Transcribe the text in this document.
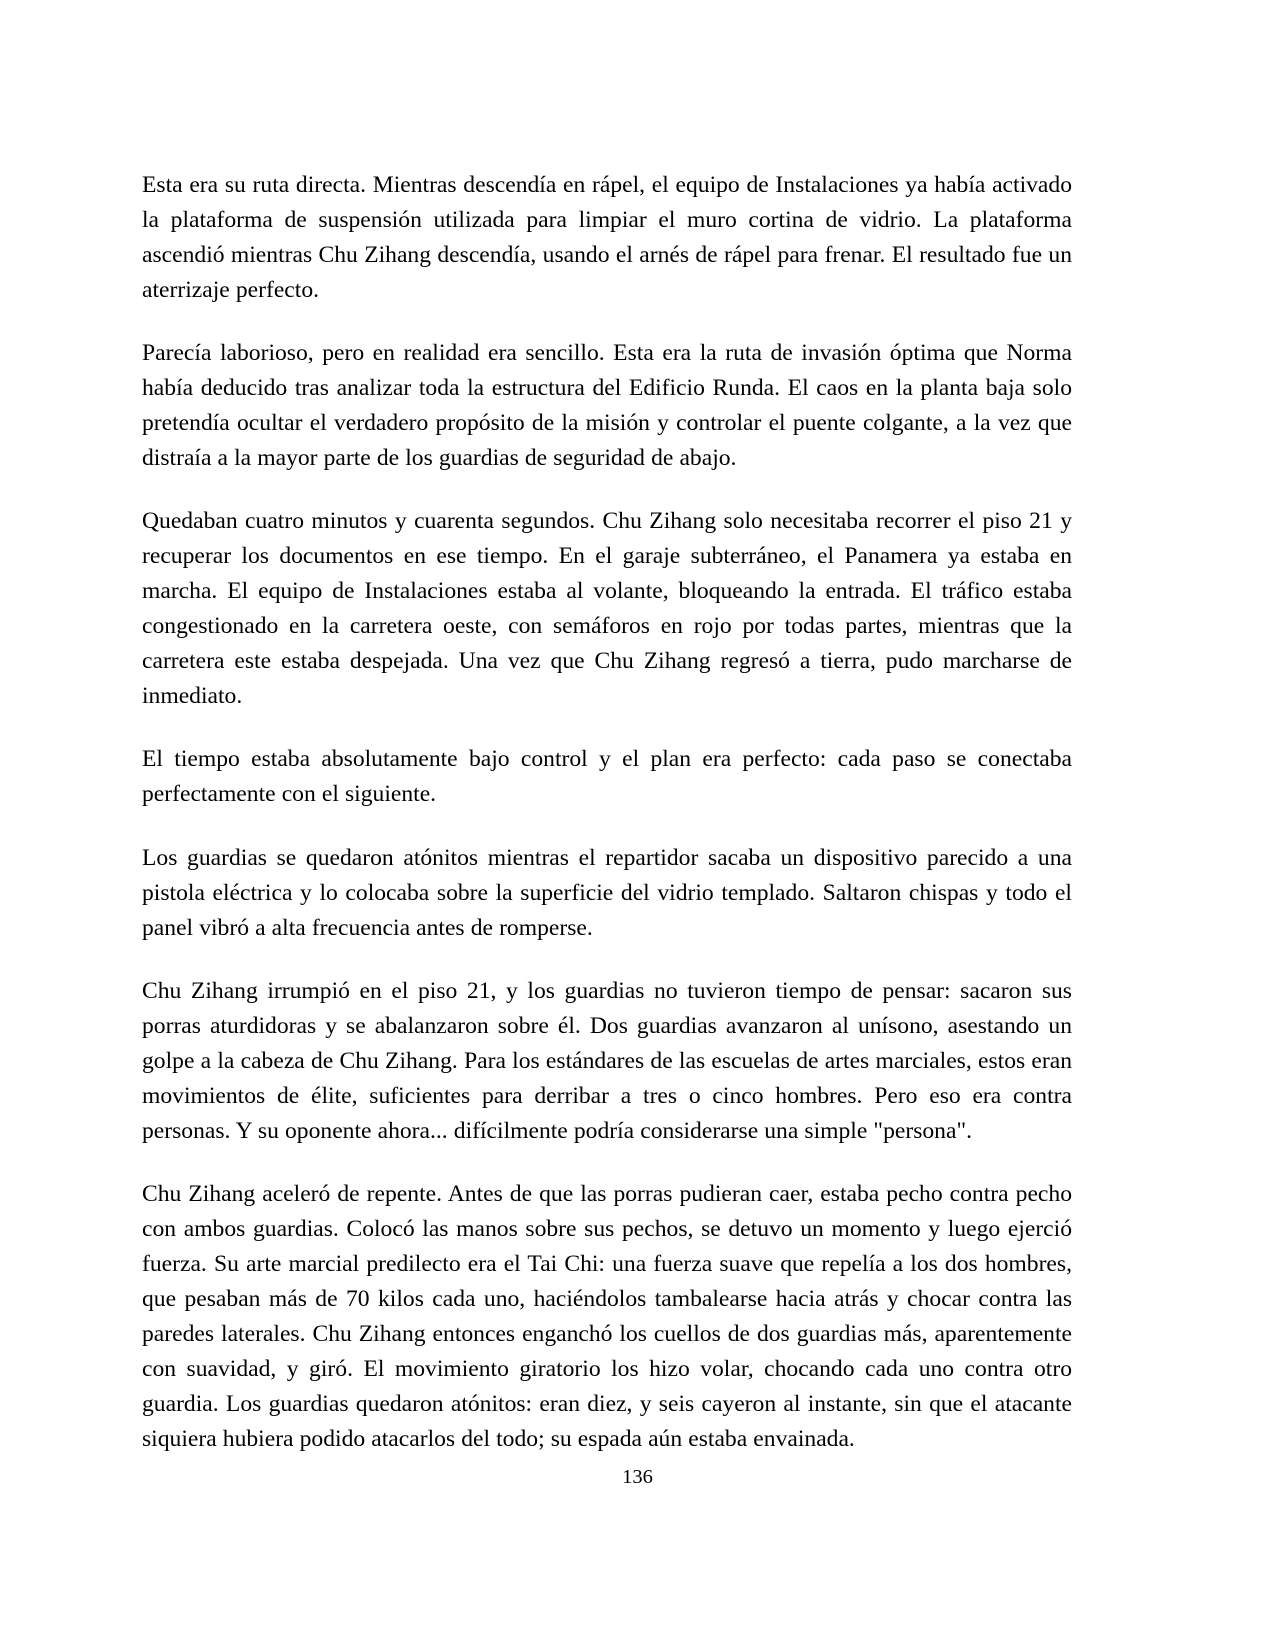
Esta era su ruta directa. Mientras descendía en rápel, el equipo de Instalaciones ya había activado la plataforma de suspensión utilizada para limpiar el muro cortina de vidrio. La plataforma ascendió mientras Chu Zihang descendía, usando el arnés de rápel para frenar. El resultado fue un aterrizaje perfecto.

Parecía laborioso, pero en realidad era sencillo. Esta era la ruta de invasión óptima que Norma había deducido tras analizar toda la estructura del Edificio Runda. El caos en la planta baja solo pretendía ocultar el verdadero propósito de la misión y controlar el puente colgante, a la vez que distraía a la mayor parte de los guardias de seguridad de abajo.

Quedaban cuatro minutos y cuarenta segundos. Chu Zihang solo necesitaba recorrer el piso 21 y recuperar los documentos en ese tiempo. En el garaje subterráneo, el Panamera ya estaba en marcha. El equipo de Instalaciones estaba al volante, bloqueando la entrada. El tráfico estaba congestionado en la carretera oeste, con semáforos en rojo por todas partes, mientras que la carretera este estaba despejada. Una vez que Chu Zihang regresó a tierra, pudo marcharse de inmediato.

El tiempo estaba absolutamente bajo control y el plan era perfecto: cada paso se conectaba perfectamente con el siguiente.

Los guardias se quedaron atónitos mientras el repartidor sacaba un dispositivo parecido a una pistola eléctrica y lo colocaba sobre la superficie del vidrio templado. Saltaron chispas y todo el panel vibró a alta frecuencia antes de romperse.

Chu Zihang irrumpió en el piso 21, y los guardias no tuvieron tiempo de pensar: sacaron sus porras aturdidoras y se abalanzaron sobre él. Dos guardias avanzaron al unísono, asestando un golpe a la cabeza de Chu Zihang. Para los estándares de las escuelas de artes marciales, estos eran movimientos de élite, suficientes para derribar a tres o cinco hombres. Pero eso era contra personas. Y su oponente ahora... difícilmente podría considerarse una simple "persona".

Chu Zihang aceleró de repente. Antes de que las porras pudieran caer, estaba pecho contra pecho con ambos guardias. Colocó las manos sobre sus pechos, se detuvo un momento y luego ejerció fuerza. Su arte marcial predilecto era el Tai Chi: una fuerza suave que repelía a los dos hombres, que pesaban más de 70 kilos cada uno, haciéndolos tambalearse hacia atrás y chocar contra las paredes laterales. Chu Zihang entonces enganchó los cuellos de dos guardias más, aparentemente con suavidad, y giró. El movimiento giratorio los hizo volar, chocando cada uno contra otro guardia. Los guardias quedaron atónitos: eran diez, y seis cayeron al instante, sin que el atacante siquiera hubiera podido atacarlos del todo; su espada aún estaba envainada.

136
